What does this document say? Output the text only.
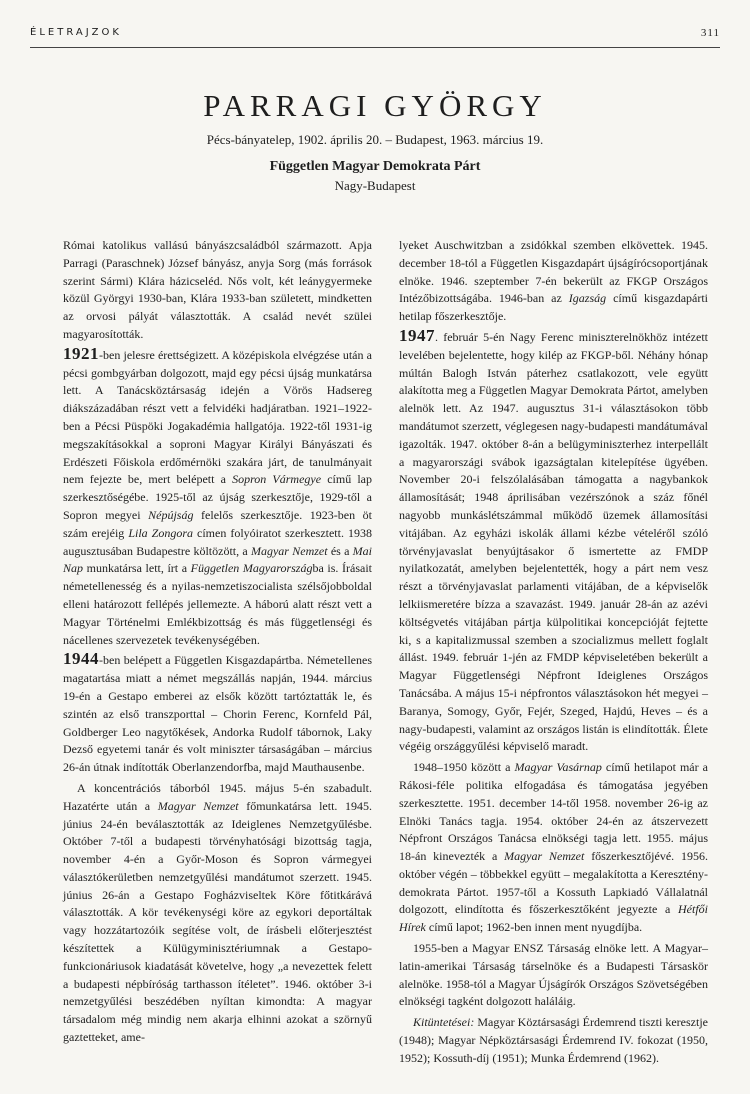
ÉLETRAJZOK	311
PARRAGI GYÖRGY
Pécs-bányatelep, 1902. április 20. – Budapest, 1963. március 19.
Független Magyar Demokrata Párt
Nagy-Budapest

Római katolikus vallású bányászcsaládból származott. Apja Parragi (Paraschnek) József bányász, anyja Sorg (más források szerint Sármi) Klára házicseléd. Nős volt, két leánygyermeke közül Györgyi 1930-ban, Klára 1933-ban született, mindketten az orvosi pályát választották. A család nevét szülei magyarosították.

1921-ben jelesre érettségizett. A középiskola elvégzése után a pécsi gombgyárban dolgozott, majd egy pécsi újság munkatársa lett. A Tanácsköztársaság idején a Vörös Hadsereg diákszázadában részt vett a felvidéki hadjáratban. 1921–1922-ben a Pécsi Püspöki Jogakadémia hallgatója. 1922-től 1931-ig megszakításokkal a soproni Magyar Királyi Bányászati és Erdészeti Főiskola erdőmérnöki szakára járt, de tanulmányait nem fejezte be, mert belépett a Sopron Vármegye című lap szerkesztőségébe. 1925-től az újság szerkesztője, 1929-től a Sopron megyei Népújság felelős szerkesztője. 1923-ben öt szám erejéig Lila Zongora címen folyóiratot szerkesztett. 1938 augusztusában Budapestre költözött, a Magyar Nemzet és a Mai Nap munkatársa lett, írt a Független Magyarországba is. Írásait németellenesség és a nyilas-nemzetiszocialista szélsőjobboldal elleni határozott fellépés jellemezte. A háború alatt részt vett a Magyar Történelmi Emlékbizottság és más függetlenségi és nácellenes szervezetek tevékenységében.

1944-ben belépett a Független Kisgazdapártba. Németellenes magatartása miatt a német megszállás napján, 1944. március 19-én a Gestapo emberei az elsők között tartóztatták le, és szintén az első transzporttal – Chorin Ferenc, Kornfeld Pál, Goldberger Leo nagytőkések, Andorka Rudolf tábornok, Laky Dezső egyetemi tanár és volt miniszter társaságában – március 26-án útnak indították Oberlanzendorfba, majd Mauthausenbe.

A koncentrációs táborból 1945. május 5-én szabadult. Hazatérte után a Magyar Nemzet főmunkatársa lett. 1945. június 24-én beválasztották az Ideiglenes Nemzetgyűlésbe. Október 7-től a budapesti törvényhatósági bizottság tagja, november 4-én a Győr-Moson és Sopron vármegyei választókerületben nemzetgyűlési mandátumot szerzett. 1945. június 26-án a Gestapo Fogházviseltek Köre főtitkárává választották. A kör tevékenységi köre az egykori deportáltak vagy hozzátartozóik segítése volt, de írásbeli előterjesztést készítettek a Külügyminisztériumnak a Gestapo-funkcionáriusok kiadatását követelve, hogy „a nevezettek felett a budapesti népbíróság tarthasson ítéletet”. 1946. október 3-i nemzetgyűlési beszédében nyíltan kimondta: A magyar társadalom még mindig nem akarja elhinni azokat a szörnyű gaztetteket, ame-

lyeket Auschwitzban a zsidókkal szemben elkövettek. 1945. december 18-tól a Független Kisgazdapárt újságírócsoportjának elnöke. 1946. szeptember 7-én bekerült az FKGP Országos Intézőbizottságába. 1946-ban az Igazság című kisgazdapárti hetilap főszerkesztője.

1947. február 5-én Nagy Ferenc miniszterelnökhöz intézett levelében bejelentette, hogy kilép az FKGP-ből. Néhány hónap múltán Balogh István páterhez csatlakozott, vele együtt alakította meg a Független Magyar Demokrata Pártot, amelyben alelnök lett. Az 1947. augusztus 31-i választásokon több mandátumot szerzett, véglegesen nagy-budapesti mandátumával igazolták. 1947. október 8-án a belügyminiszterhez interpellált a magyarországi svábok igazságtalan kitelepítése ügyében. November 20-i felszólalásában támogatta a nagybankok államosítását; 1948 áprilisában vezérszónok a száz főnél nagyobb munkáslétszámmal működő üzemek államosítási vitájában. Az egyházi iskolák állami kézbe vételéről szóló törvényjavaslat benyújtásakor ő ismertette az FMDP nyilatkozatát, amelyben bejelentették, hogy a párt nem vesz részt a törvényjavaslat parlamenti vitájában, de a képviselők lelkiismeretére bízza a szavazást. 1949. január 28-án az azévi költségvetés vitájában pártja külpolitikai koncepcióját fejtette ki, s a kapitalizmussal szemben a szocializmus mellett foglalt állást. 1949. február 1-jén az FMDP képviseletében bekerült a Magyar Függetlenségi Népfront Ideiglenes Országos Tanácsába. A május 15-i népfrontos választásokon hét megyei – Baranya, Somogy, Győr, Fejér, Szeged, Hajdú, Heves – és a nagy-budapesti, valamint az országos listán is elindították. Élete végéig országgyűlési képviselő maradt.

1948–1950 között a Magyar Vasárnap című hetilapot már a Rákosi-féle politika elfogadása és támogatása jegyében szerkesztette. 1951. december 14-től 1958. november 26-ig az Elnöki Tanács tagja. 1954. október 24-én az átszervezett Népfront Országos Tanácsa elnökségi tagja lett. 1955. május 18-án kinevezték a Magyar Nemzet főszerkesztőjévé. 1956. október végén – többekkel együtt – megalakította a Kereszténydemokrata Pártot. 1957-től a Kossuth Lapkiadó Vállalatnál dolgozott, elindította és főszerkesztőként jegyezte a Hétfői Hírek című lapot; 1962-ben innen ment nyugdíjba.

1955-ben a Magyar ENSZ Társaság elnöke lett. A Magyar–latin-amerikai Társaság társelnöke és a Budapesti Társaskör alelnöke. 1958-tól a Magyar Újságírók Országos Szövetségében elnökségi tagként dolgozott haláláig.

Kitüntetései: Magyar Köztársasági Érdemrend tiszti keresztje (1948); Magyar Népköztársasági Érdemrend IV. fokozat (1950, 1952); Kossuth-díj (1951); Munka Érdemrend (1962).
